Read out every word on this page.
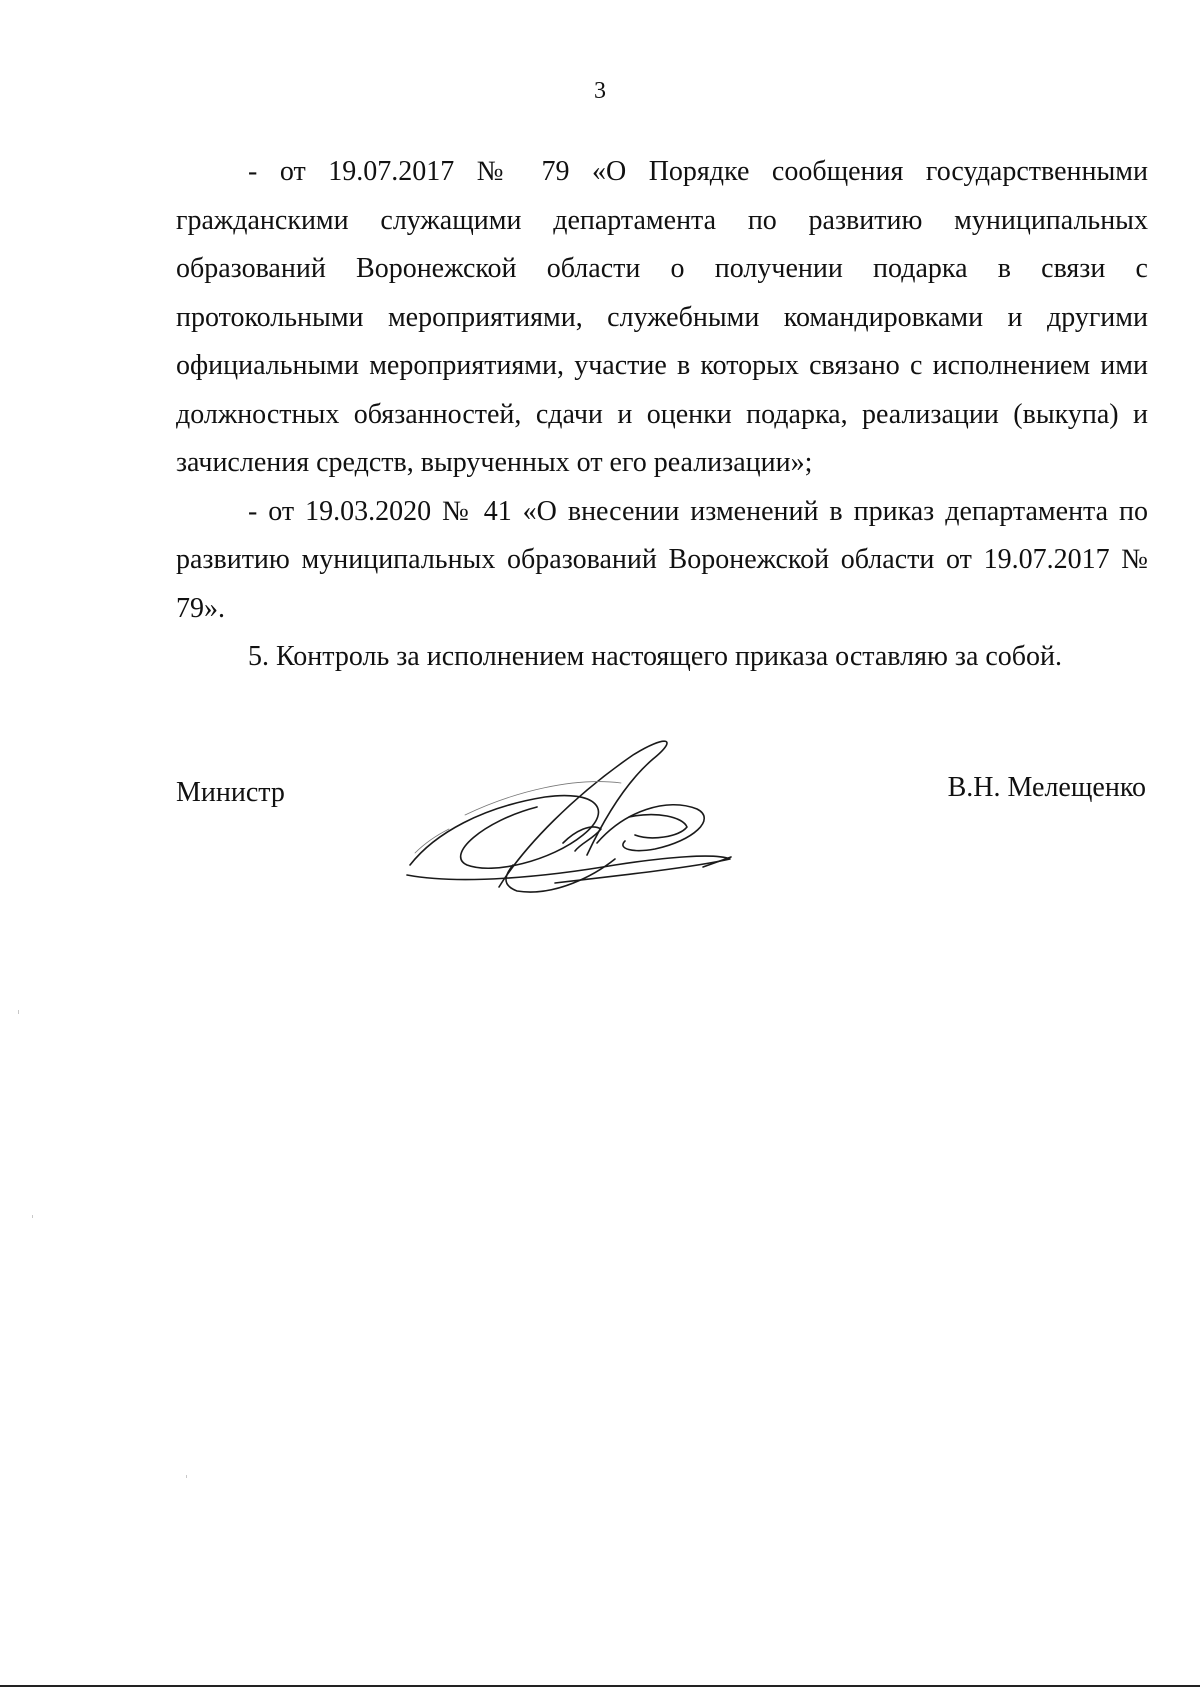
3

- от 19.07.2017 № 79 «О Порядке сообщения государственными гражданскими служащими департамента по развитию муниципальных образований Воронежской области о получении подарка в связи с протокольными мероприятиями, служебными командировками и другими официальными мероприятиями, участие в которых связано с исполнением ими должностных обязанностей, сдачи и оценки подарка, реализации (выкупа) и зачисления средств, вырученных от его реализации»;

- от 19.03.2020 № 41 «О внесении изменений в приказ департамента по развитию муниципальных образований Воронежской области от 19.07.2017 № 79».

5. Контроль за исполнением настоящего приказа оставляю за собой.

Министр	В.Н. Мелещенко
